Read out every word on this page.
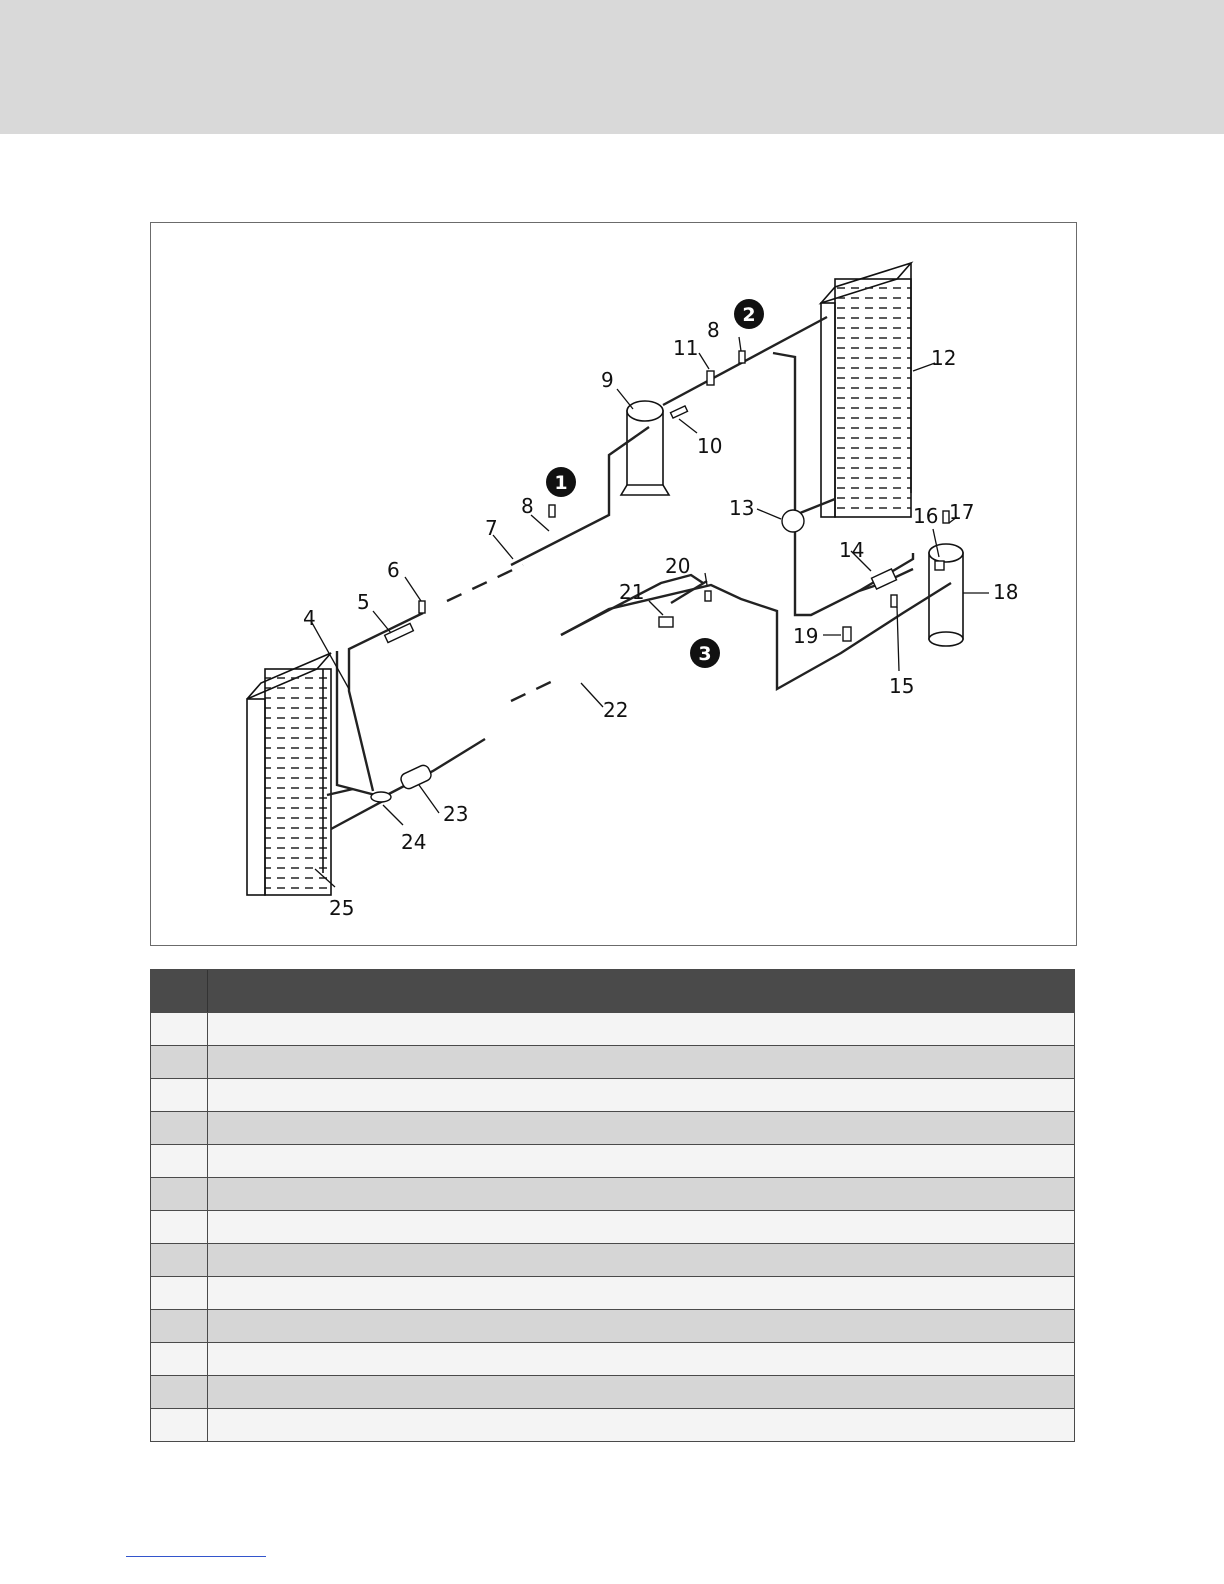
1
2
3
4
5
6
7
8
8
9
10
11	12
13
14
15
16 17
18
19
20
21
22
23
24
25
